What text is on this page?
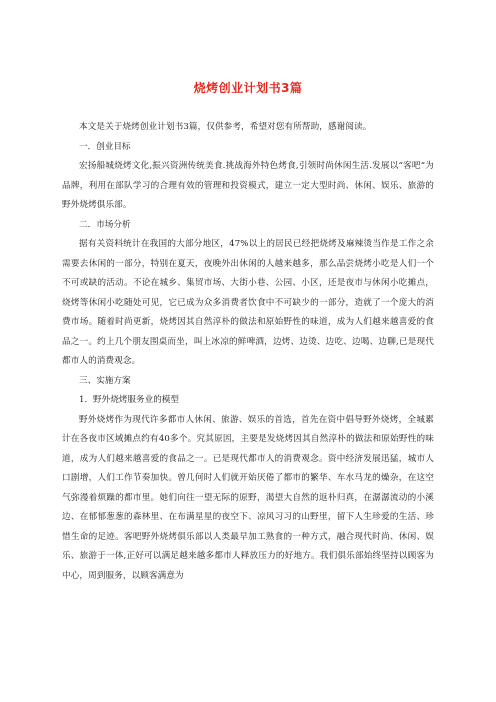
烧烤创业计划书3篇

本文是关于烧烤创业计划书3篇，仅供参考，希望对您有所帮助，感谢阅读。

一．创业目标

宏扬船城烧烤文化,振兴资洲传统美食.挑战海外特色烤食,引领时尚休闲生活.发展以“客吧”为品牌，利用在部队学习的合理有效的管理和投资模式，建立一定大型时尚、休闲、娱乐、旅游的野外烧烤俱乐部。

二．市场分析

据有关资料统计在我国的大部分地区，47%以上的居民已经把烧烤及麻辣烫当作是工作之余需要去休闲的一部分，特别在夏天，夜晚外出休闲的人越来越多，那么品尝烧烤小吃是人们一个不可或缺的活动。不论在城乡、集贸市场、大街小巷、公园、小区，还是夜市与休闲小吃摊点，烧烤等休闲小吃随处可见，它已成为众多消费者饮食中不可缺少的一部分，造就了一个庞大的消费市场。随着时尚更新，烧烤因其自然淳朴的做法和原始野性的味道，成为人们越来越喜爱的食品之一。约上几个朋友围桌而坐，叫上冰凉的鲜啤酒，边烤、边烫、边吃、边喝、边聊,已是现代都市人的消费观念。

三、实施方案

1．野外烧烤服务业的模型

野外烧烤作为现代许多都市人休闲、旅游、娱乐的首选，首先在资中倡导野外烧烤，全城累计在各夜市区域摊点约有40多个。究其原因，主要是发烧烤因其自然淳朴的做法和原始野性的味道，成为人们越来越喜爱的食品之一。已是现代都市人的消费观念。资中经济发展迅猛，城市人口剧增，人们工作节奏加快。曾几何时人们就开始厌倦了都市的繁华、车水马龙的燥杂，在这空气弥漫着烦躁的都市里。她们向往一望无际的原野，渴望大自然的返朴归真，在潺潺流动的小溪边、在郁郁葱葱的森林里、在布满星星的夜空下、凉风习习的山野里，留下人生珍爱的生活、珍惜生命的足迹。客吧野外烧烤俱乐部以人类最早加工熟食的一种方式，融合现代时尚、休闲、娱乐、旅游于一体,正好可以满足越来越多都市人释放压力的好地方。我们俱乐部始终坚持以顾客为中心，周到服务，以顾客满意为
